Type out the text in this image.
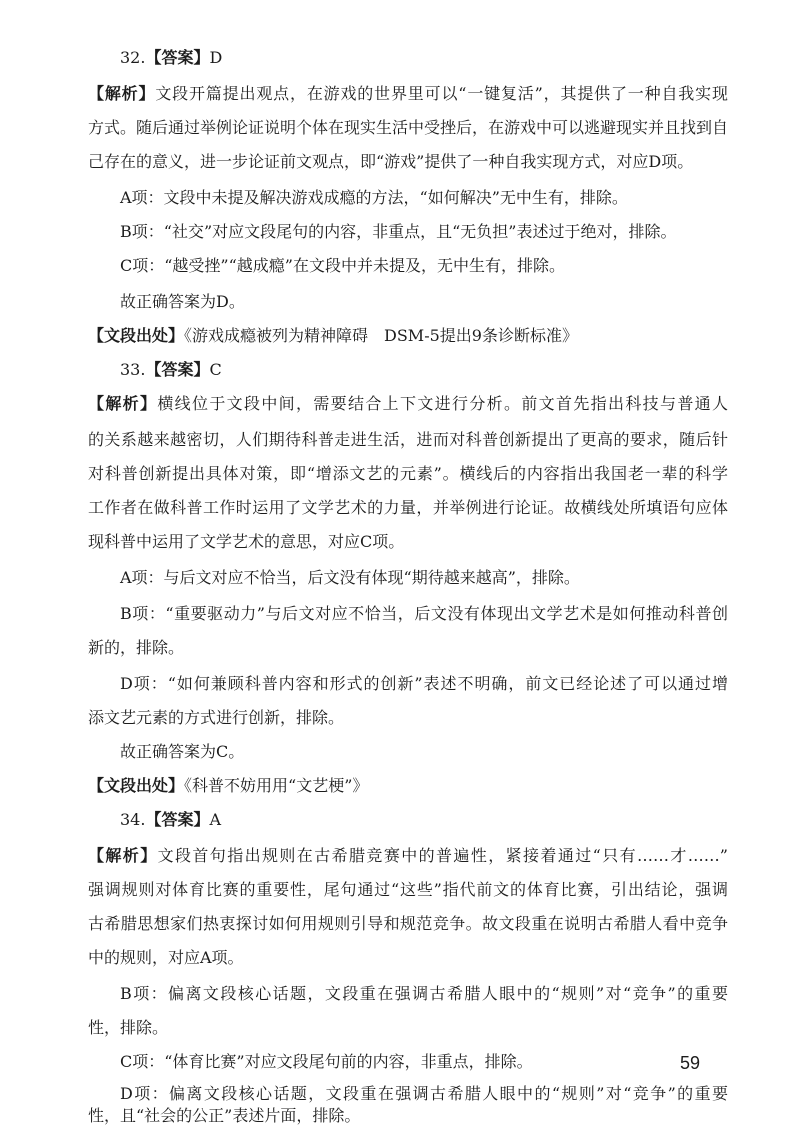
32.【答案】D
【解析】文段开篇提出观点，在游戏的世界里可以“一键复活”，其提供了一种自我实现
方式。随后通过举例论证说明个体在现实生活中受挫后，在游戏中可以逃避现实并且找到自
己存在的意义，进一步论证前文观点，即“游戏”提供了一种自我实现方式，对应D项。
A项：文段中未提及解决游戏成瘾的方法，“如何解决”无中生有，排除。
B项：“社交”对应文段尾句的内容，非重点，且“无负担”表述过于绝对，排除。
C项：“越受挫”“越成瘾”在文段中并未提及，无中生有，排除。
故正确答案为D。
【文段出处】《游戏成瘾被列为精神障碍　DSM-5提出9条诊断标准》
33.【答案】C
【解析】横线位于文段中间，需要结合上下文进行分析。前文首先指出科技与普通人
的关系越来越密切，人们期待科普走进生活，进而对科普创新提出了更高的要求，随后针
对科普创新提出具体对策，即“增添文艺的元素”。横线后的内容指出我国老一辈的科学
工作者在做科普工作时运用了文学艺术的力量，并举例进行论证。故横线处所填语句应体
现科普中运用了文学艺术的意思，对应C项。
A项：与后文对应不恰当，后文没有体现“期待越来越高”，排除。
B项：“重要驱动力”与后文对应不恰当，后文没有体现出文学艺术是如何推动科普创
新的，排除。
D项：“如何兼顾科普内容和形式的创新”表述不明确，前文已经论述了可以通过增
添文艺元素的方式进行创新，排除。
故正确答案为C。
【文段出处】《科普不妨用用“文艺梗”》
34.【答案】A
【解析】文段首句指出规则在古希腊竞赛中的普遍性，紧接着通过“只有……才……”
强调规则对体育比赛的重要性，尾句通过“这些”指代前文的体育比赛，引出结论，强调
古希腊思想家们热衷探讨如何用规则引导和规范竞争。故文段重在说明古希腊人看中竞争
中的规则，对应A项。
B项：偏离文段核心话题，文段重在强调古希腊人眼中的“规则”对“竞争”的重要
性，排除。
C项：“体育比赛”对应文段尾句前的内容，非重点，排除。
D项：偏离文段核心话题，文段重在强调古希腊人眼中的“规则”对“竞争”的重要
性，且“社会的公正”表述片面，排除。
59
